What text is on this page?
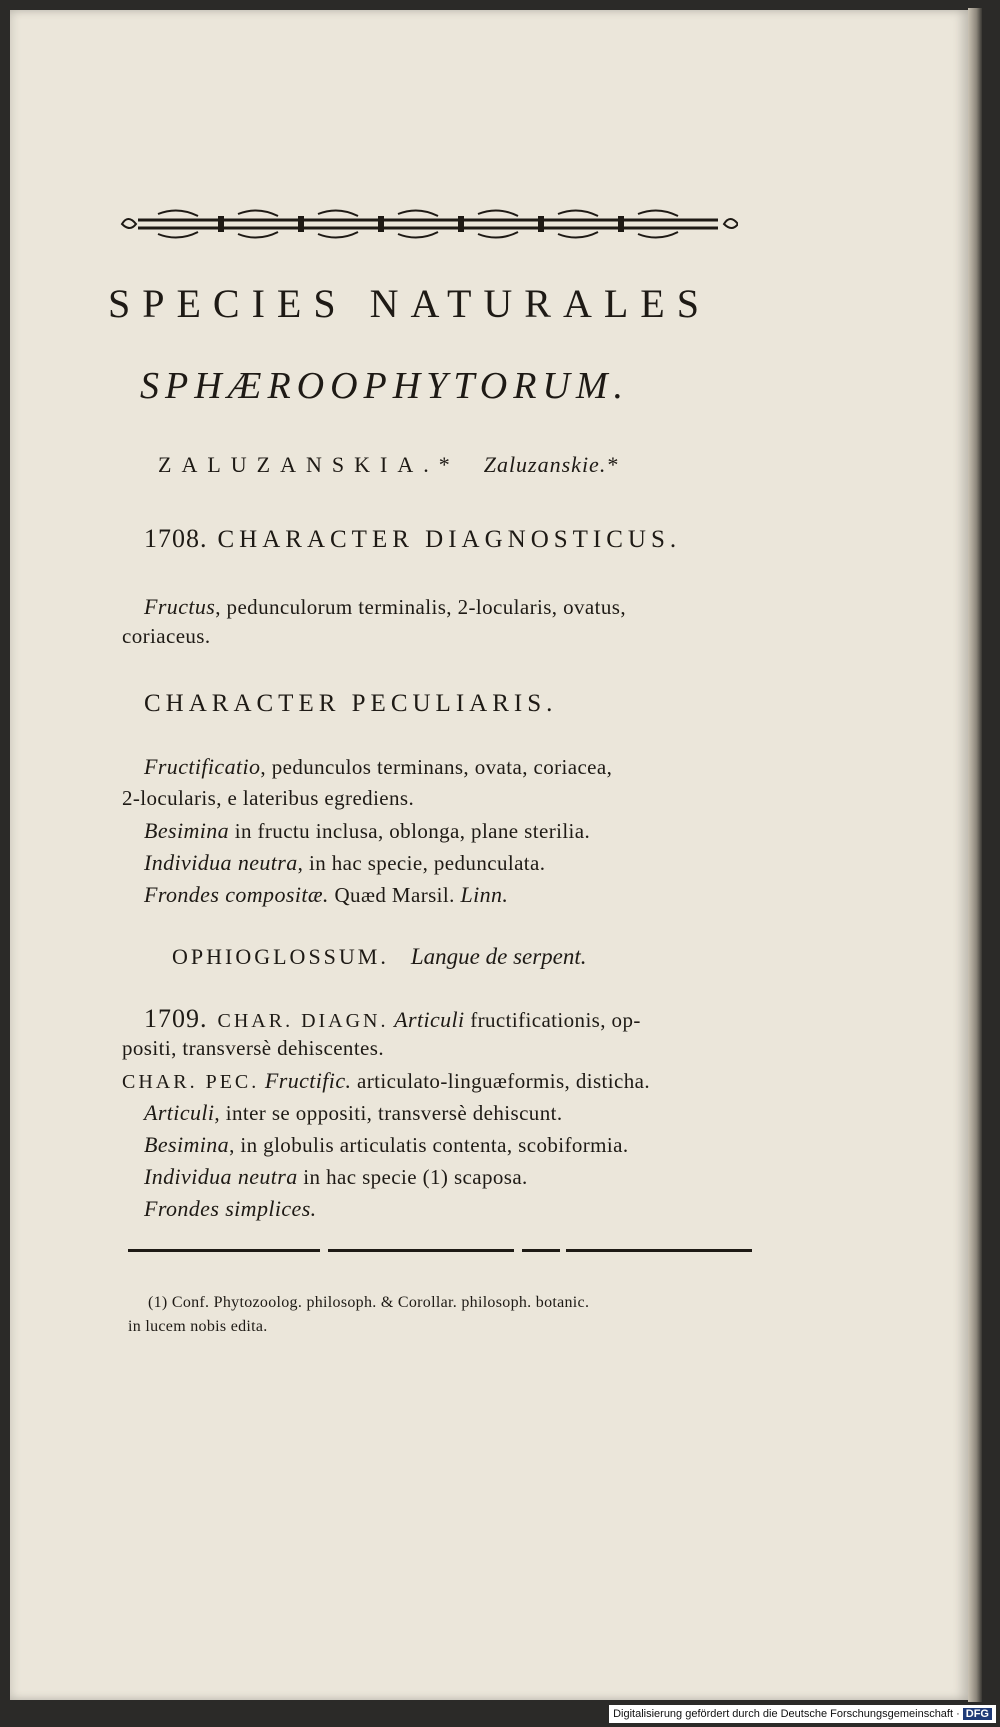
SPECIES NATURALES
SPHÆROOPHYTORUM.
ZALUZANSKIA.* Zaluzanskie.*
1708. CHARACTER DIAGNOSTICUS.
Fructus, pedunculorum terminalis, 2-locularis, ovatus,
coriaceus.
CHARACTER PECULIARIS.
Fructificatio, pedunculos terminans, ovata, coriacea,
2-locularis, e lateribus egrediens.
Besimina in fructu inclusa, oblonga, plane sterilia.
Individua neutra, in hac specie, pedunculata.
Frondes compositæ. Quæd Marsil. Linn.
OPHIOGLOSSUM. Langue de serpent.
1709. CHAR. DIAGN. Articuli fructificationis, op-
positi, transversè dehiscentes.
CHAR. PEC. Fructific. articulato-linguæformis, disticha.
Articuli, inter se oppositi, transversè dehiscunt.
Besimina, in globulis articulatis contenta, scobiformia.
Individua neutra in hac specie (1) scaposa.
Frondes simplices.
(1) Conf. Phytozoolog. philosoph. & Corollar. philosoph. botanic.
in lucem nobis edita.
Digitalisierung gefördert durch die Deutsche Forschungsgemeinschaft · DFG
